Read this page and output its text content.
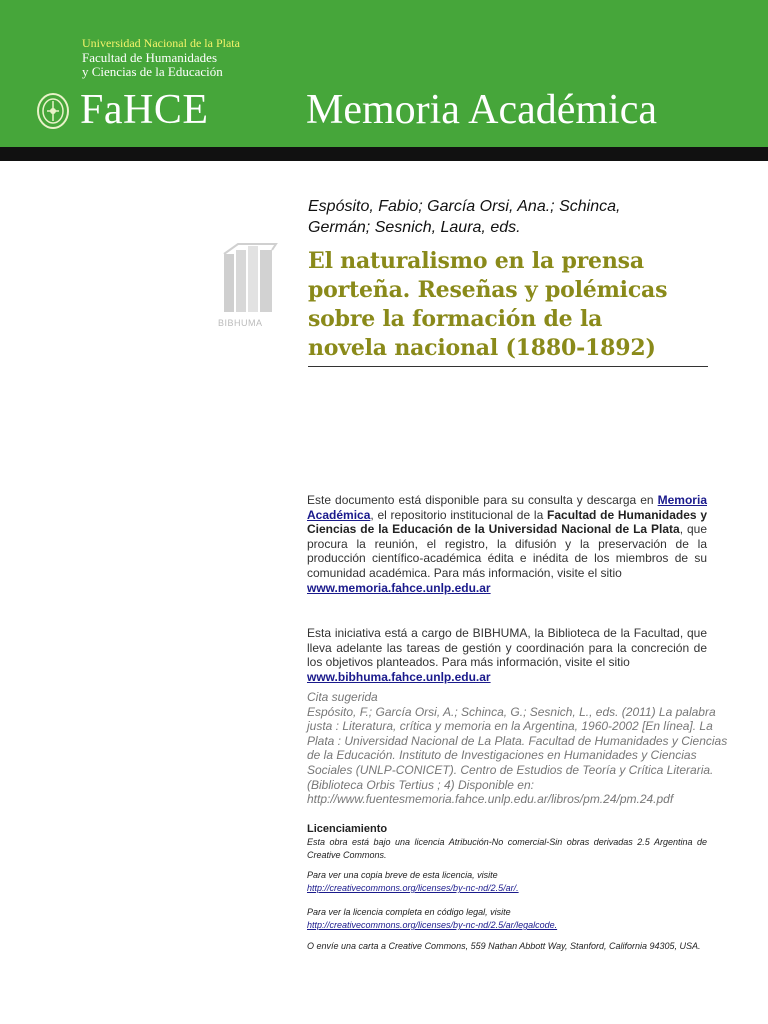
Universidad Nacional de la Plata
Facultad de Humanidades
y Ciencias de la Educación
FaHCE Memoria Académica
Espósito, Fabio; García Orsi, Ana.; Schinca,
Germán; Sesnich, Laura, eds.
BIBHUMA
El naturalismo en la prensa
porteña. Reseñas y polémicas
sobre la formación de la
novela nacional (1880-1892)
Este documento está disponible para su consulta y descarga en Memoria Académica, el repositorio institucional de la Facultad de Humanidades y Ciencias de la Educación de la Universidad Nacional de La Plata, que procura la reunión, el registro, la difusión y la preservación de la producción científico-académica édita e inédita de los miembros de su comunidad académica. Para más información, visite el sitio
www.memoria.fahce.unlp.edu.ar
Esta iniciativa está a cargo de BIBHUMA, la Biblioteca de la Facultad, que lleva adelante las tareas de gestión y coordinación para la concreción de los objetivos planteados. Para más información, visite el sitio
www.bibhuma.fahce.unlp.edu.ar
Cita sugerida
Espósito, F.; García Orsi, A.; Schinca, G.; Sesnich, L., eds. (2011) La palabra justa : Literatura, crítica y memoria en la Argentina, 1960-2002 [En línea]. La Plata : Universidad Nacional de La Plata. Facultad de Humanidades y Ciencias de la Educación. Instituto de Investigaciones en Humanidades y Ciencias Sociales (UNLP-CONICET). Centro de Estudios de Teoría y Crítica Literaria. (Biblioteca Orbis Tertius ; 4) Disponible en: http://www.fuentesmemoria.fahce.unlp.edu.ar/libros/pm.24/pm.24.pdf
Licenciamiento
Esta obra está bajo una licencia Atribución-No comercial-Sin obras derivadas 2.5 Argentina de Creative Commons.
Para ver una copia breve de esta licencia, visite
http://creativecommons.org/licenses/by-nc-nd/2.5/ar/.
Para ver la licencia completa en código legal, visite
http://creativecommons.org/licenses/by-nc-nd/2.5/ar/legalcode.
O envíe una carta a Creative Commons, 559 Nathan Abbott Way, Stanford, California 94305, USA.
